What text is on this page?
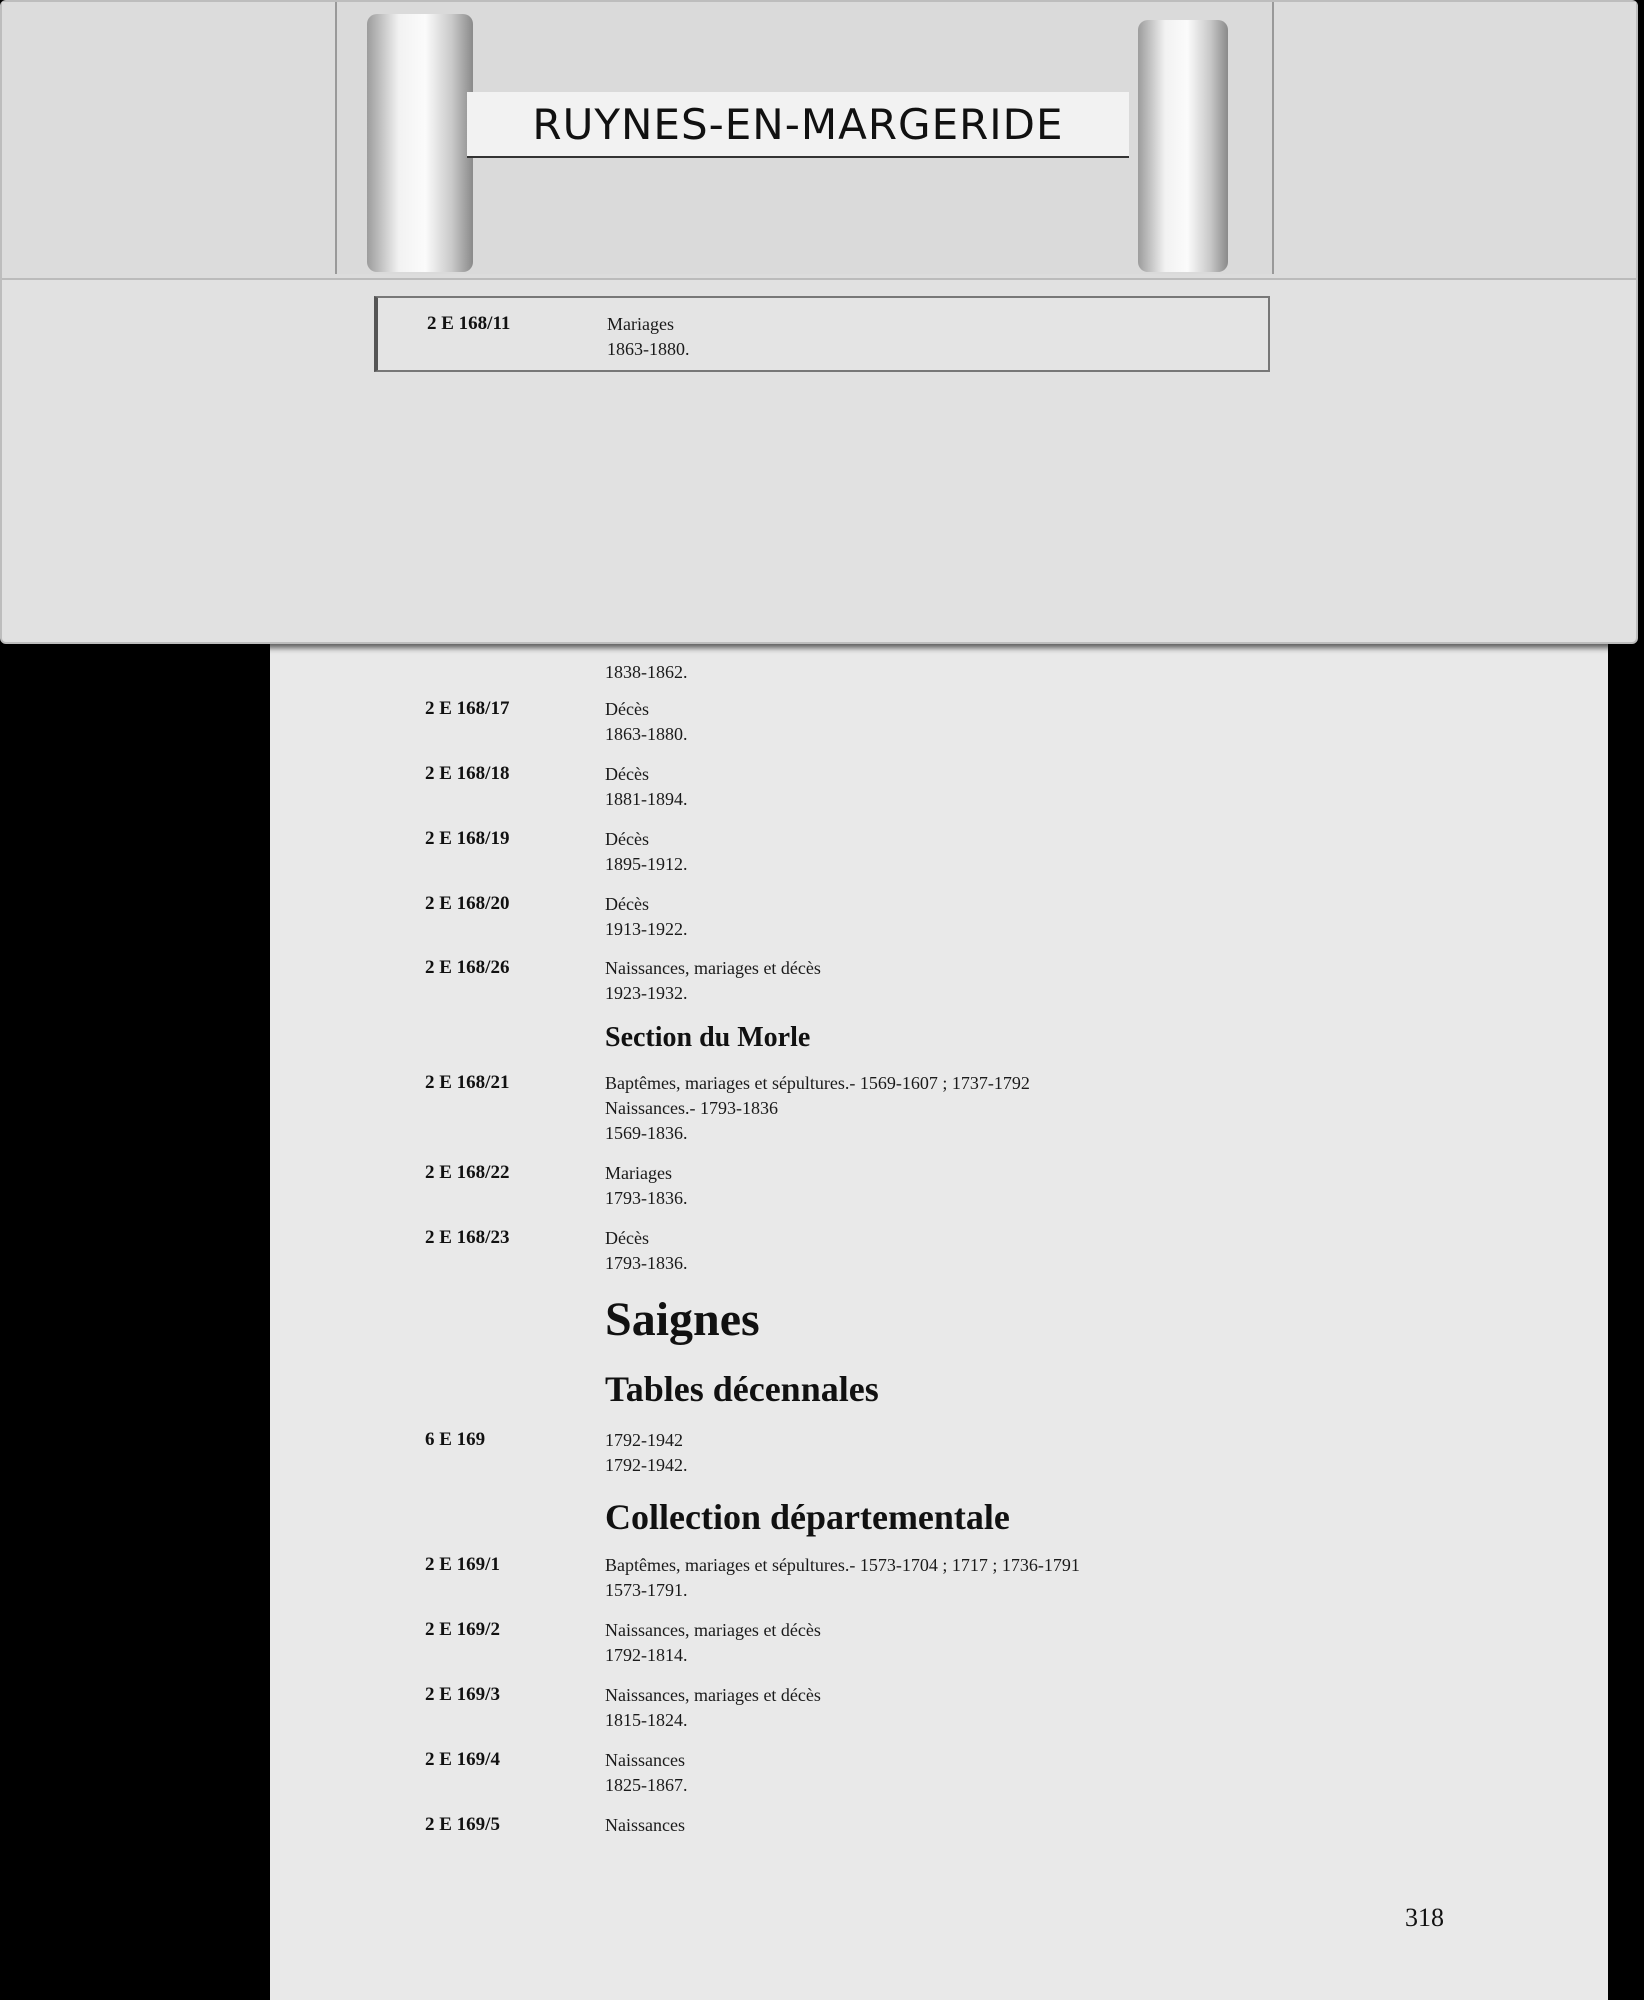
1838-1862.
2 E 168/17	Décès
1863-1880.
2 E 168/18	Décès
1881-1894.
2 E 168/19	Décès
1895-1912.
2 E 168/20	Décès
1913-1922.
2 E 168/26	Naissances, mariages et décès
1923-1932.
Section du Morle
2 E 168/21	Baptêmes, mariages et sépultures.- 1569-1607 ; 1737-1792
Naissances.- 1793-1836
1569-1836.
2 E 168/22	Mariages
1793-1836.
2 E 168/23	Décès
1793-1836.
Saignes
Tables décennales
6 E 169	1792-1942
1792-1942.
Collection départementale
2 E 169/1	Baptêmes, mariages et sépultures.- 1573-1704 ; 1717 ; 1736-1791
1573-1791.
2 E 169/2	Naissances, mariages et décès
1792-1814.
2 E 169/3	Naissances, mariages et décès
1815-1824.
2 E 169/4	Naissances
1825-1867.
2 E 169/5	Naissances
318
RUYNES-EN-MARGERIDE
2 E 168/11	Mariages
1863-1880.
